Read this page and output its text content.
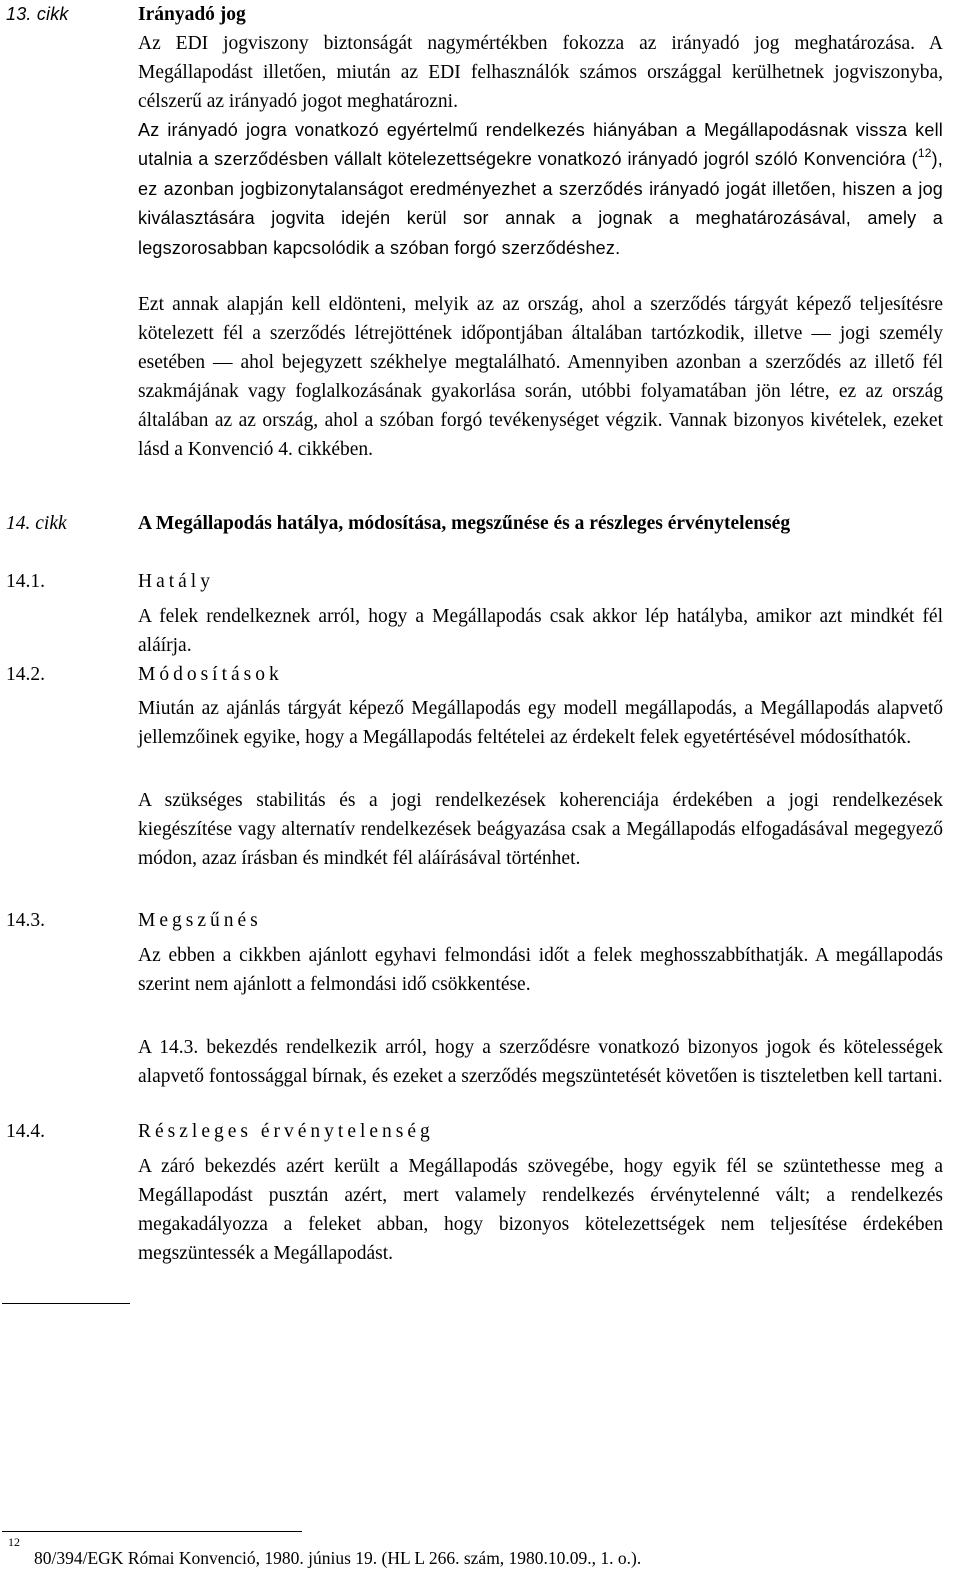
13. cikk	Irányadó jog
Az EDI jogviszony biztonságát nagymértékben fokozza az irányadó jog meghatározása. A Megállapodást illetően, miután az EDI felhasználók számos országgal kerülhetnek jogviszonyba, célszerű az irányadó jogot meghatározni.
Az irányadó jogra vonatkozó egyértelmű rendelkezés hiányában a Megállapodásnak vissza kell utalnia a szerződésben vállalt kötelezettségekre vonatkozó irányadó jogról szóló Konvencióra ($^{12}$), ez azonban jogbizonytalanságot eredményezhet a szerződés irányadó jogát illetően, hiszen a jog kiválasztására jogvita idején kerül sor annak a jognak a meghatározásával, amely a legszorosabban kapcsolódik a szóban forgó szerződéshez.
Ezt annak alapján kell eldönteni, melyik az az ország, ahol a szerződés tárgyát képező teljesítésre kötelezett fél a szerződés létrejöttének időpontjában általában tartózkodik, illetve — jogi személy esetében — ahol bejegyzett székhelye megtalálható. Amennyiben azonban a szerződés az illető fél szakmájának vagy foglalkozásának gyakorlása során, utóbbi folyamatában jön létre, ez az ország általában az az ország, ahol a szóban forgó tevékenységet végzik. Vannak bizonyos kivételek, ezeket lásd a Konvenció 4. cikkében.
14. cikk	A Megállapodás hatálya, módosítása, megszűnése és a részleges érvénytelenség
14.1.	Hatály
A felek rendelkeznek arról, hogy a Megállapodás csak akkor lép hatályba, amikor azt mindkét fél aláírja.
14.2.	Módosítások
Miután az ajánlás tárgyát képező Megállapodás egy modell megállapodás, a Megállapodás alapvető jellemzőinek egyike, hogy a Megállapodás feltételei az érdekelt felek egyetértésével módosíthatók.
A szükséges stabilitás és a jogi rendelkezések koherenciája érdekében a jogi rendelkezések kiegészítése vagy alternatív rendelkezések beágyazása csak a Megállapodás elfogadásával megegyező módon, azaz írásban és mindkét fél aláírásával történhet.
14.3.	Megszűnés
Az ebben a cikkben ajánlott egyhavi felmondási időt a felek meghosszabbíthatják. A megállapodás szerint nem ajánlott a felmondási idő csökkentése.
A 14.3. bekezdés rendelkezik arról, hogy a szerződésre vonatkozó bizonyos jogok és kötelességek alapvető fontossággal bírnak, és ezeket a szerződés megszüntetését követően is tiszteletben kell tartani.
14.4.	Részleges érvénytelenség
A záró bekezdés azért került a Megállapodás szövegébe, hogy egyik fél se szüntethesse meg a Megállapodást pusztán azért, mert valamely rendelkezés érvénytelenné vált; a rendelkezés megakadályozza a feleket abban, hogy bizonyos kötelezettségek nem teljesítése érdekében megszüntessék a Megállapodást.
12
80/394/EGK Római Konvenció, 1980. június 19. (HL L 266. szám, 1980.10.09., 1. o.).
